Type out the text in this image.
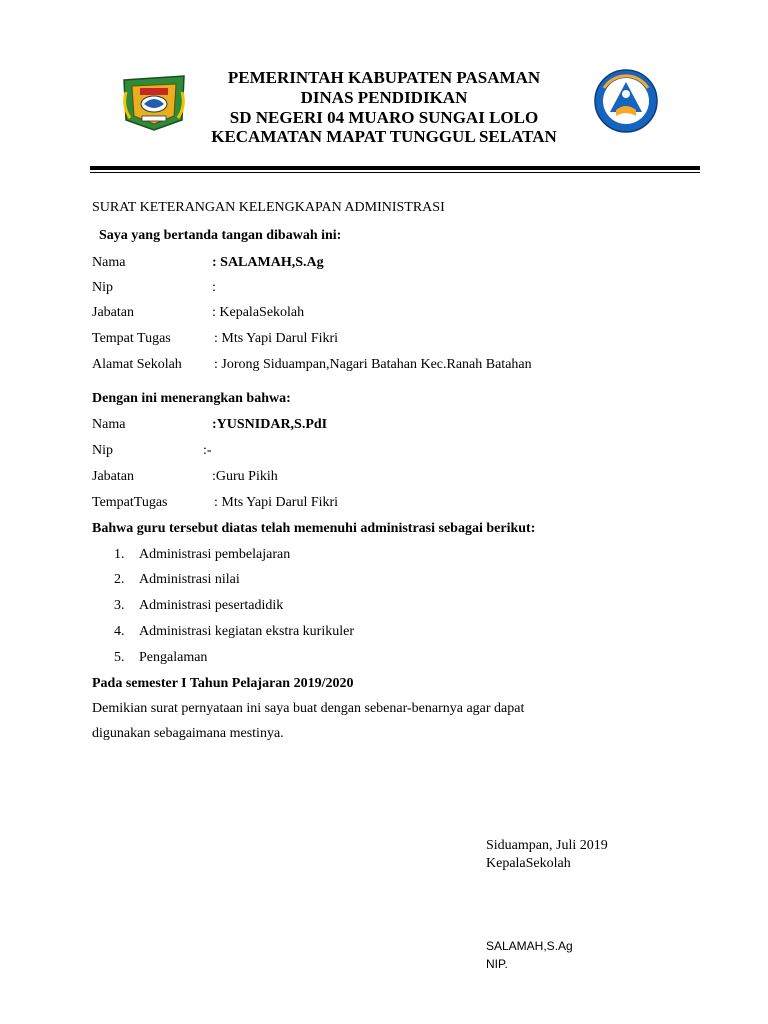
PEMERINTAH KABUPATEN PASAMAN
DINAS PENDIDIKAN
SD NEGERI 04 MUARO SUNGAI LOLO
KECAMATAN MAPAT TUNGGUL SELATAN
SURAT KETERANGAN KELENGKAPAN ADMINISTRASI
Saya yang bertanda tangan dibawah ini:
Nama	: SALAMAH,S.Ag
Nip	:
Jabatan	: KepalaSekolah
Tempat Tugas	: Mts Yapi Darul Fikri
Alamat Sekolah : Jorong Siduampan,Nagari Batahan Kec.Ranah Batahan
Dengan ini menerangkan bahwa:
Nama	:YUSNIDAR,S.PdI
Nip	:-
Jabatan	:Guru Pikih
TempatTugas	: Mts Yapi Darul Fikri
Bahwa guru tersebut diatas telah memenuhi administrasi sebagai berikut:
1. Administrasi pembelajaran
2. Administrasi nilai
3. Administrasi pesertadidik
4. Administrasi kegiatan ekstra kurikuler
5. Pengalaman
Pada semester I Tahun Pelajaran 2019/2020
Demikian surat pernyataan ini saya buat dengan sebenar-benarnya agar dapat
digunakan sebagaimana mestinya.
Siduampan, Juli 2019
KepalaSekolah
SALAMAH,S.Ag
NIP.
